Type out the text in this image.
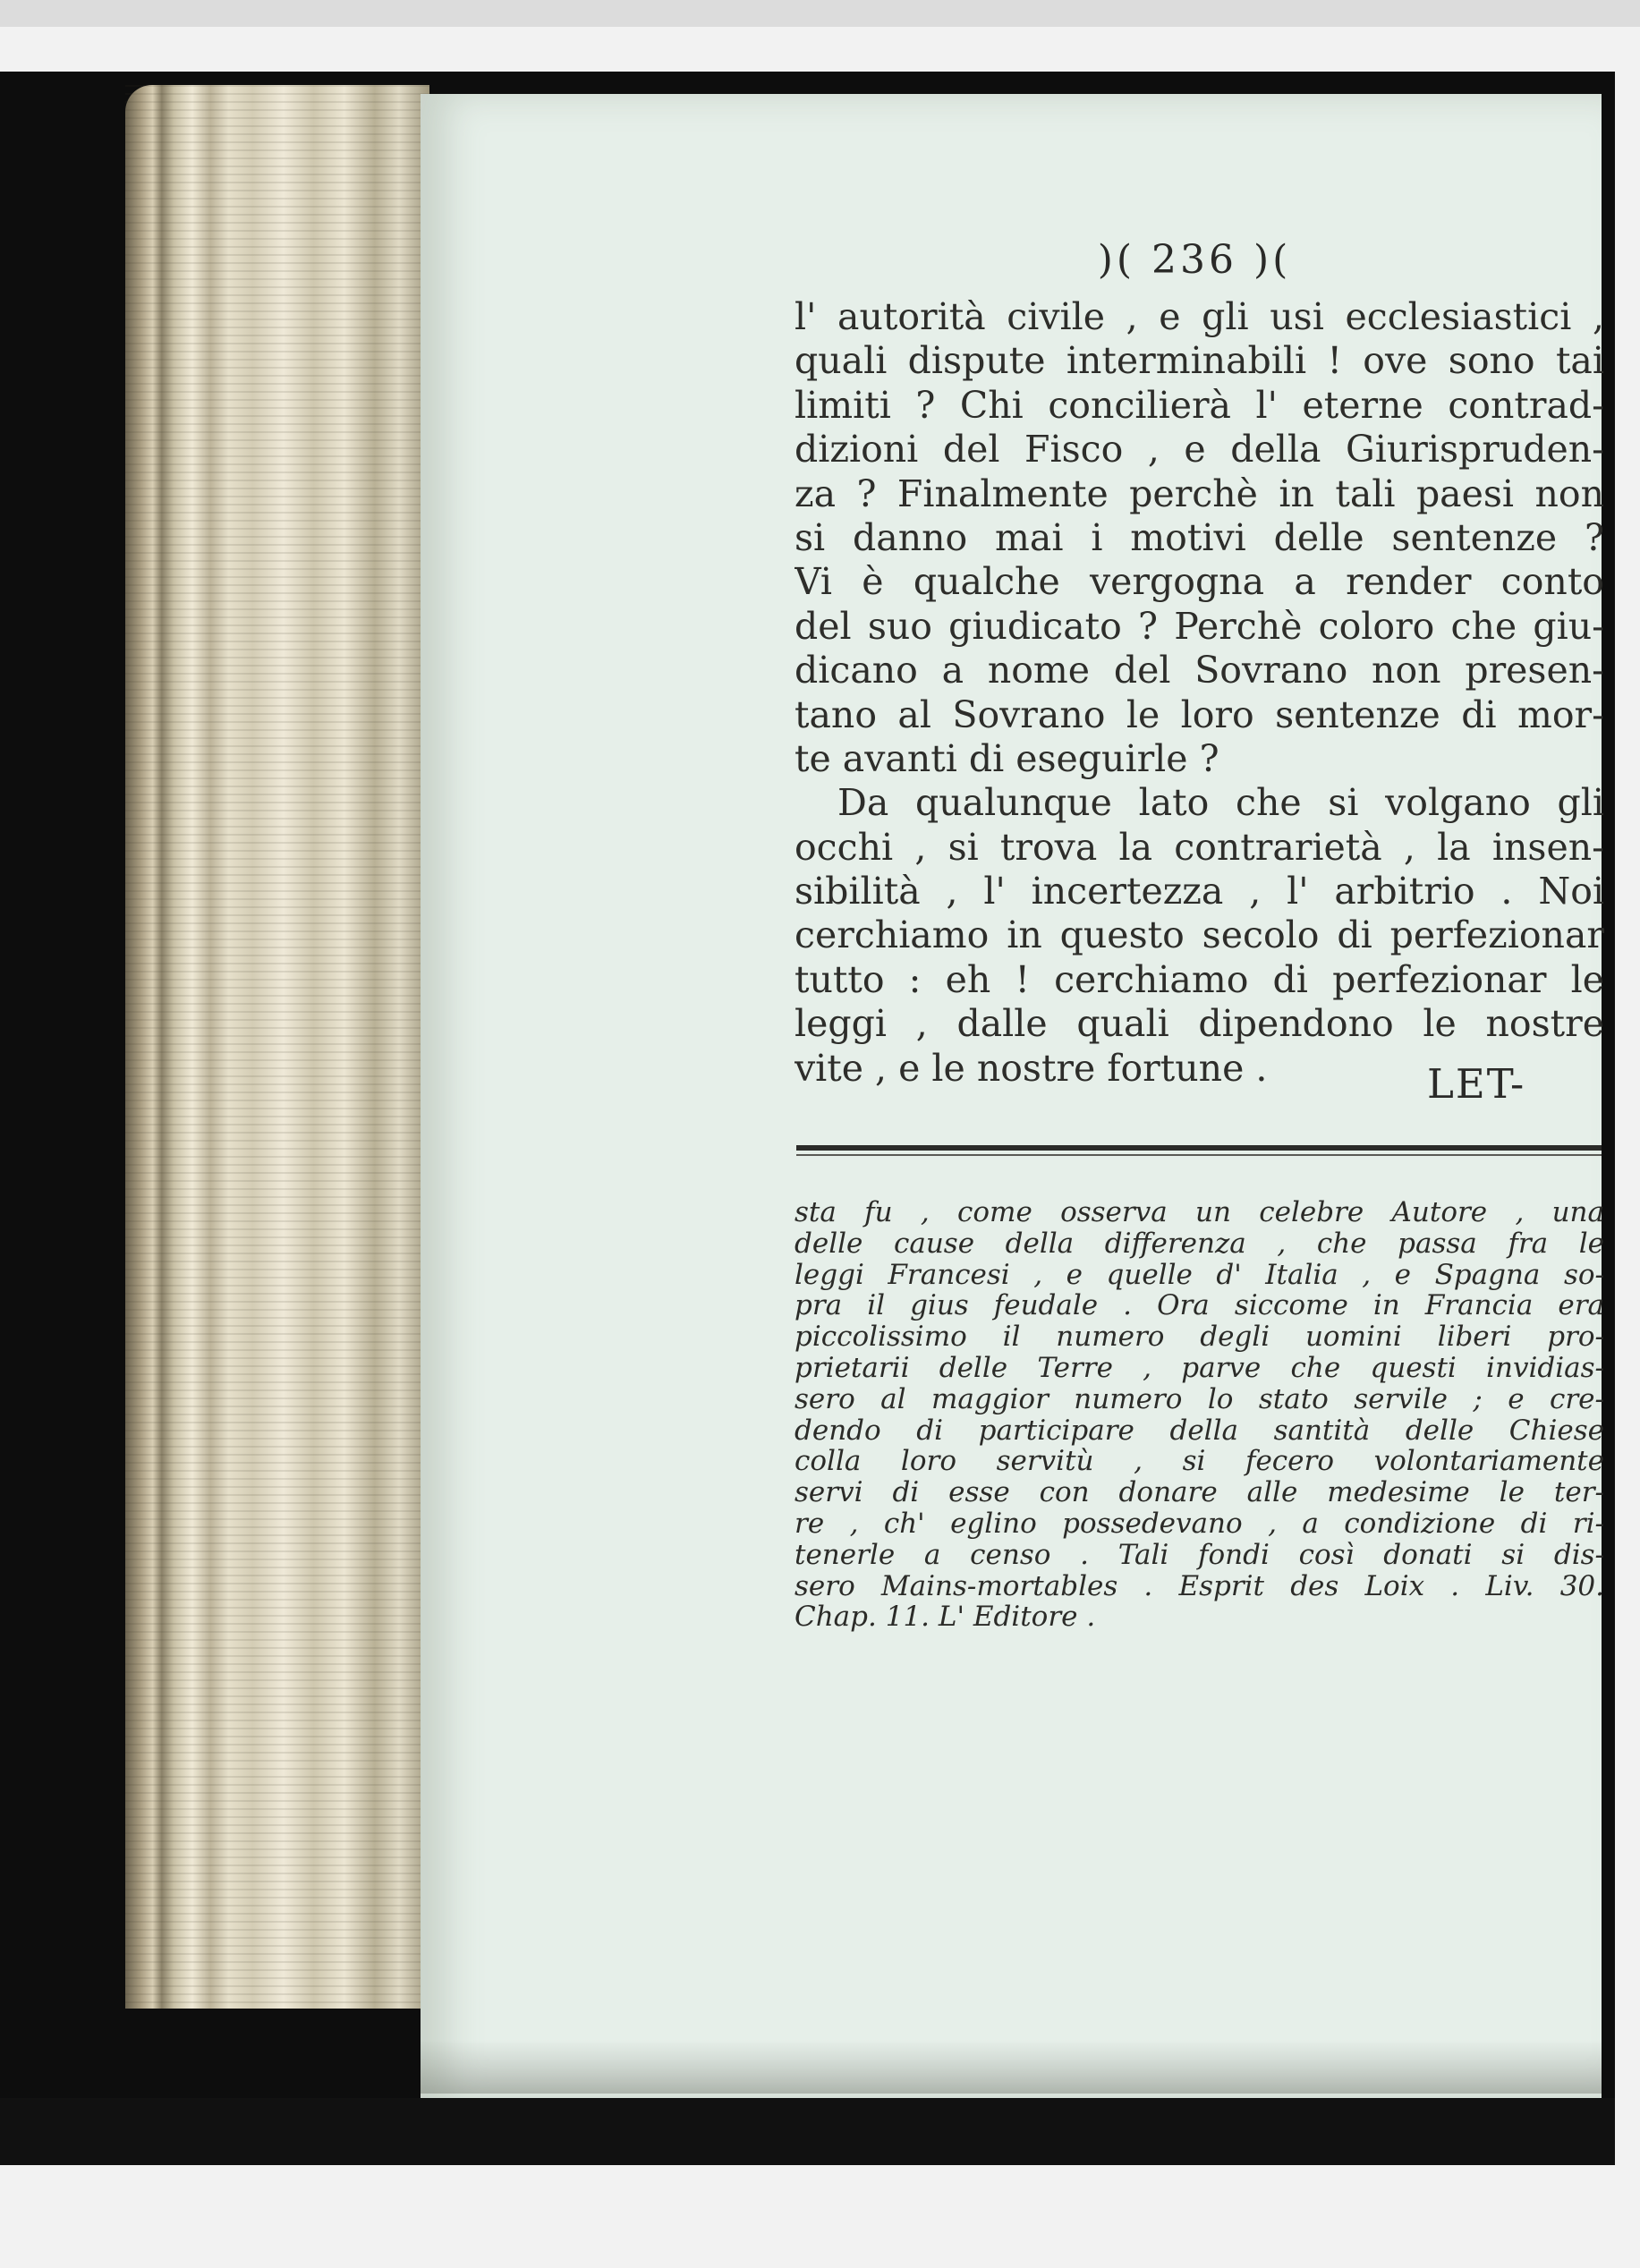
)( 236 )(
l' autorità civile , e gli usi ecclesiastici ,
quali dispute interminabili ! ove sono tai
limiti ? Chi concilierà l' eterne contrad-
dizioni del Fisco , e della Giurispruden-
za ? Finalmente perchè in tali paesi non
si danno mai i motivi delle sentenze ?
Vi è qualche vergogna a render conto
del suo giudicato ? Perchè coloro che giu-
dicano a nome del Sovrano non presen-
tano al Sovrano le loro sentenze di mor-
te avanti di eseguirle ?
Da qualunque lato che si volgano gli
occhi , si trova la contrarietà , la insen-
sibilità , l' incertezza , l' arbitrio . Noi
cerchiamo in questo secolo di perfezionar
tutto : eh ! cerchiamo di perfezionar le
leggi , dalle quali dipendono le nostre
vite , e le nostre fortune .	LET-
sta fu , come osserva un celebre Autore , una
delle cause della differenza , che passa fra le
leggi Francesi , e quelle d' Italia , e Spagna so-
pra il gius feudale . Ora siccome in Francia era
piccolissimo il numero degli uomini liberi pro-
prietarii delle Terre , parve che questi invidias-
sero al maggior numero lo stato servile ; e cre-
dendo di participare della santità delle Chiese
colla loro servitù , si fecero volontariamente
servi di esse con donare alle medesime le ter-
re , ch' eglino possedevano , a condizione di ri-
tenerle a censo . Tali fondi così donati si dis-
sero Mains-mortables . Esprit des Loix . Liv. 30.
Chap. 11. L' Editore .
